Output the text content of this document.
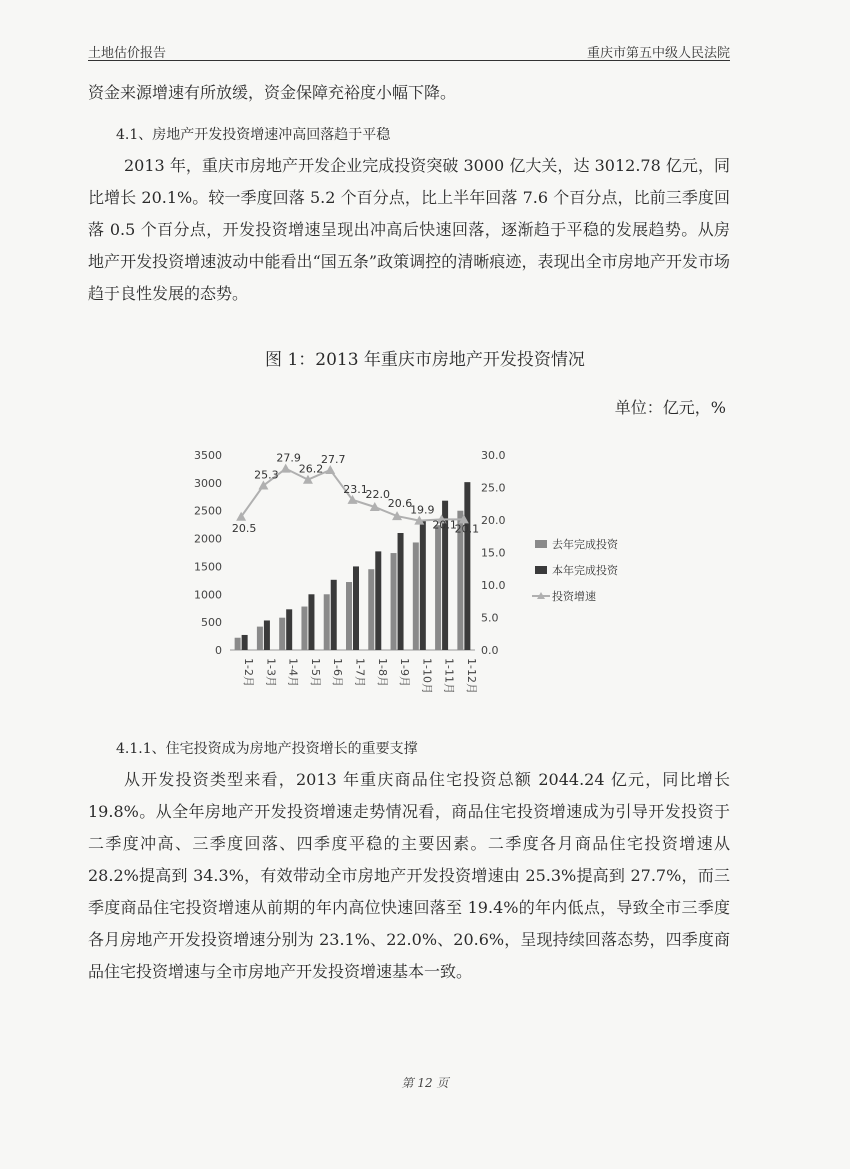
土地估价报告	重庆市第五中级人民法院

资金来源增速有所放缓，资金保障充裕度小幅下降。

4.1、房地产开发投资增速冲高回落趋于平稳

2013 年，重庆市房地产开发企业完成投资突破 3000 亿大关，达 3012.78 亿元，同比增长 20.1%。较一季度回落 5.2 个百分点，比上半年回落 7.6 个百分点，比前三季度回落 0.5 个百分点，开发投资增速呈现出冲高后快速回落，逐渐趋于平稳的发展趋势。从房地产开发投资增速波动中能看出“国五条”政策调控的清晰痕迹，表现出全市房地产开发市场趋于良性发展的态势。

图 1：2013 年重庆市房地产开发投资情况

单位：亿元，%
0
500
1000
1500
2000
2500
3000
3500
0.0
5.0
10.0
15.0
20.0
25.0
30.0
1-2月 1-3月 1-4月 1-5月 1-6月 1-7月 1-8月 1-9月 1-10月 1-11月 1-12月
20.5
25.3
27.9
26.2
27.7
23.1
22.0
20.6
19.9
20.1
20.1
去年完成投资
本年完成投资
投资增速

4.1.1、住宅投资成为房地产投资增长的重要支撑

从开发投资类型来看，2013 年重庆商品住宅投资总额 2044.24 亿元，同比增长 19.8%。从全年房地产开发投资增速走势情况看，商品住宅投资增速成为引导开发投资于二季度冲高、三季度回落、四季度平稳的主要因素。二季度各月商品住宅投资增速从 28.2%提高到 34.3%，有效带动全市房地产开发投资增速由 25.3%提高到 27.7%，而三季度商品住宅投资增速从前期的年内高位快速回落至 19.4%的年内低点，导致全市三季度各月房地产开发投资增速分别为 23.1%、22.0%、20.6%，呈现持续回落态势，四季度商品住宅投资增速与全市房地产开发投资增速基本一致。

第 12 页
